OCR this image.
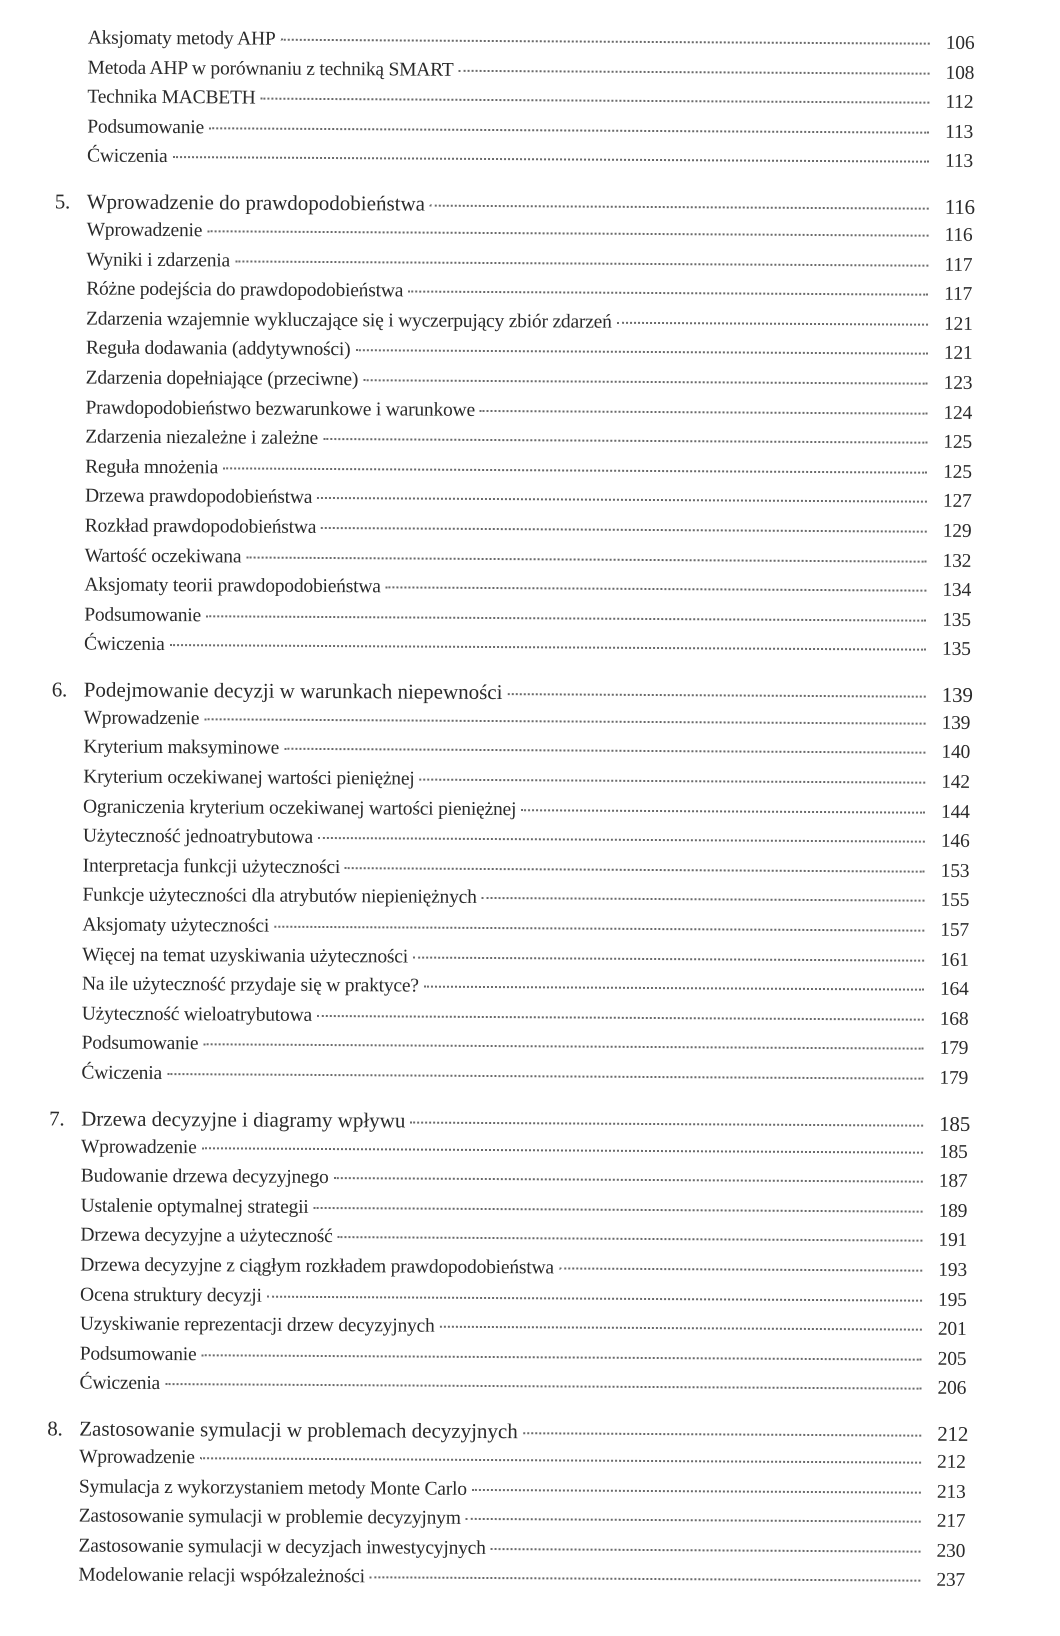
Aksjomaty metody AHP	106
Metoda AHP w porównaniu z techniką SMART	108
Technika MACBETH	112
Podsumowanie	113
Ćwiczenia	113
5. Wprowadzenie do prawdopodobieństwa	116
Wprowadzenie	116
Wyniki i zdarzenia	117
Różne podejścia do prawdopodobieństwa	117
Zdarzenia wzajemnie wykluczające się i wyczerpujący zbiór zdarzeń	121
Reguła dodawania (addytywności)	121
Zdarzenia dopełniające (przeciwne)	123
Prawdopodobieństwo bezwarunkowe i warunkowe	124
Zdarzenia niezależne i zależne	125
Reguła mnożenia	125
Drzewa prawdopodobieństwa	127
Rozkład prawdopodobieństwa	129
Wartość oczekiwana	132
Aksjomaty teorii prawdopodobieństwa	134
Podsumowanie	135
Ćwiczenia	135
6. Podejmowanie decyzji w warunkach niepewności	139
Wprowadzenie	139
Kryterium maksyminowe	140
Kryterium oczekiwanej wartości pieniężnej	142
Ograniczenia kryterium oczekiwanej wartości pieniężnej	144
Użyteczność jednoatrybutowa	146
Interpretacja funkcji użyteczności	153
Funkcje użyteczności dla atrybutów niepieniężnych	155
Aksjomaty użyteczności	157
Więcej na temat uzyskiwania użyteczności	161
Na ile użyteczność przydaje się w praktyce?	164
Użyteczność wieloatrybutowa	168
Podsumowanie	179
Ćwiczenia	179
7. Drzewa decyzyjne i diagramy wpływu	185
Wprowadzenie	185
Budowanie drzewa decyzyjnego	187
Ustalenie optymalnej strategii	189
Drzewa decyzyjne a użyteczność	191
Drzewa decyzyjne z ciągłym rozkładem prawdopodobieństwa	193
Ocena struktury decyzji	195
Uzyskiwanie reprezentacji drzew decyzyjnych	201
Podsumowanie	205
Ćwiczenia	206
8. Zastosowanie symulacji w problemach decyzyjnych	212
Wprowadzenie	212
Symulacja z wykorzystaniem metody Monte Carlo	213
Zastosowanie symulacji w problemie decyzyjnym	217
Zastosowanie symulacji w decyzjach inwestycyjnych	230
Modelowanie relacji współzależności	237
